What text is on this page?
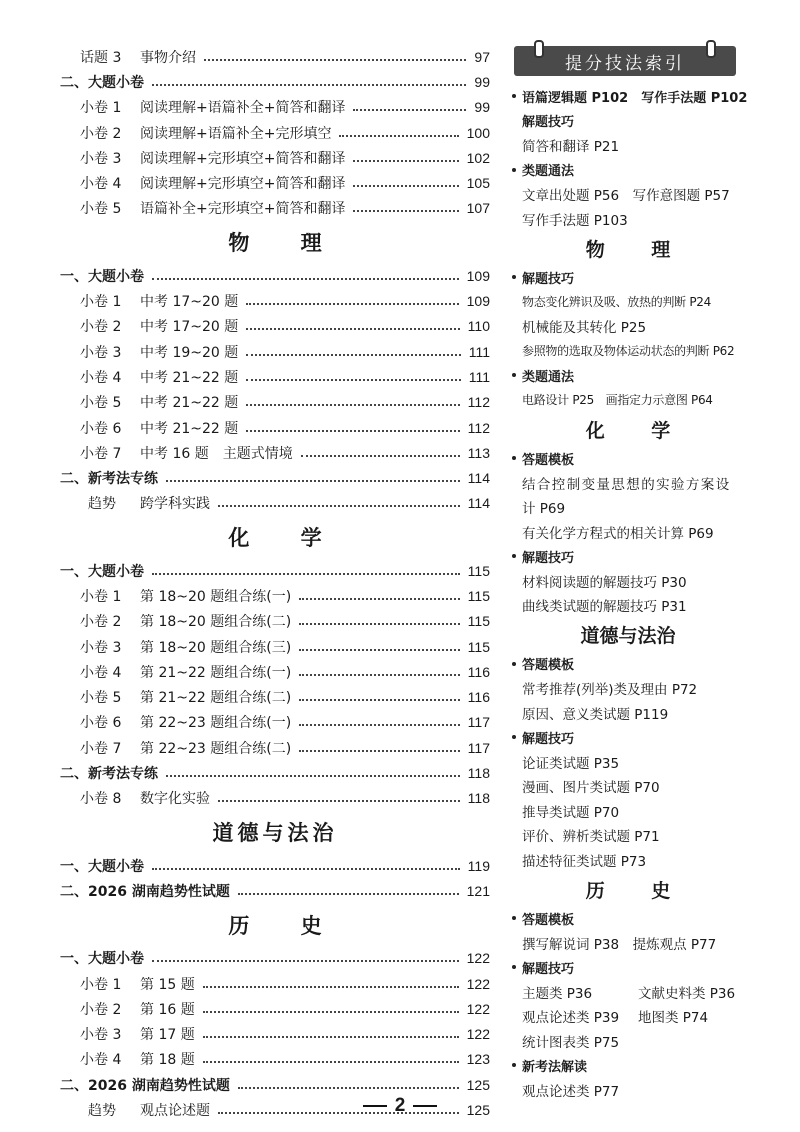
话题 3 事物介绍	97
二、大题小卷	99
小卷 1 阅读理解+语篇补全+简答和翻译	99
小卷 2 阅读理解+语篇补全+完形填空	100
小卷 3 阅读理解+完形填空+简答和翻译	102
小卷 4 阅读理解+完形填空+简答和翻译	105
小卷 5 语篇补全+完形填空+简答和翻译	107
物 理
一、大题小卷	109
小卷 1 中考 17~20 题	109
小卷 2 中考 17~20 题	110
小卷 3 中考 19~20 题	111
小卷 4 中考 21~22 题	111
小卷 5 中考 21~22 题	112
小卷 6 中考 21~22 题	112
小卷 7 中考 16 题　主题式情境	113
二、新考法专练	114
趋势 跨学科实践	114
化 学
一、大题小卷	115
小卷 1 第 18~20 题组合练(一)	115
小卷 2 第 18~20 题组合练(二)	115
小卷 3 第 18~20 题组合练(三)	115
小卷 4 第 21~22 题组合练(一)	116
小卷 5 第 21~22 题组合练(二)	116
小卷 6 第 22~23 题组合练(一)	117
小卷 7 第 22~23 题组合练(二)	117
二、新考法专练	118
小卷 8 数字化实验	118
道德与法治
一、大题小卷	119
二、2026 湖南趋势性试题	121
历 史
一、大题小卷	122
小卷 1 第 15 题	122
小卷 2 第 16 题	122
小卷 3 第 17 题	122
小卷 4 第 18 题	123
二、2026 湖南趋势性试题	125
趋势 观点论述题	125
提分技法索引
语篇逻辑题 P102　写作手法题 P102
解题技巧
简答和翻译 P21
类题通法
文章出处题 P56　写作意图题 P57
写作手法题 P103
物 理
解题技巧
物态变化辨识及吸、放热的判断 P24
机械能及其转化 P25
参照物的选取及物体运动状态的判断 P62
类题通法
电路设计 P25　画指定力示意图 P64
化 学
答题模板
结合控制变量思想的实验方案设
计 P69
有关化学方程式的相关计算 P69
解题技巧
材料阅读题的解题技巧 P30
曲线类试题的解题技巧 P31
道德与法治
答题模板
常考推荐(列举)类及理由 P72
原因、意义类试题 P119
解题技巧
论证类试题 P35
漫画、图片类试题 P70
推导类试题 P70
评价、辨析类试题 P71
描述特征类试题 P73
历 史
答题模板
撰写解说词 P38　提炼观点 P77
解题技巧
主题类 P36	文献史料类 P36
观点论述类 P39 地图类 P74
统计图表类 P75
新考法解读
观点论述类 P77
2
